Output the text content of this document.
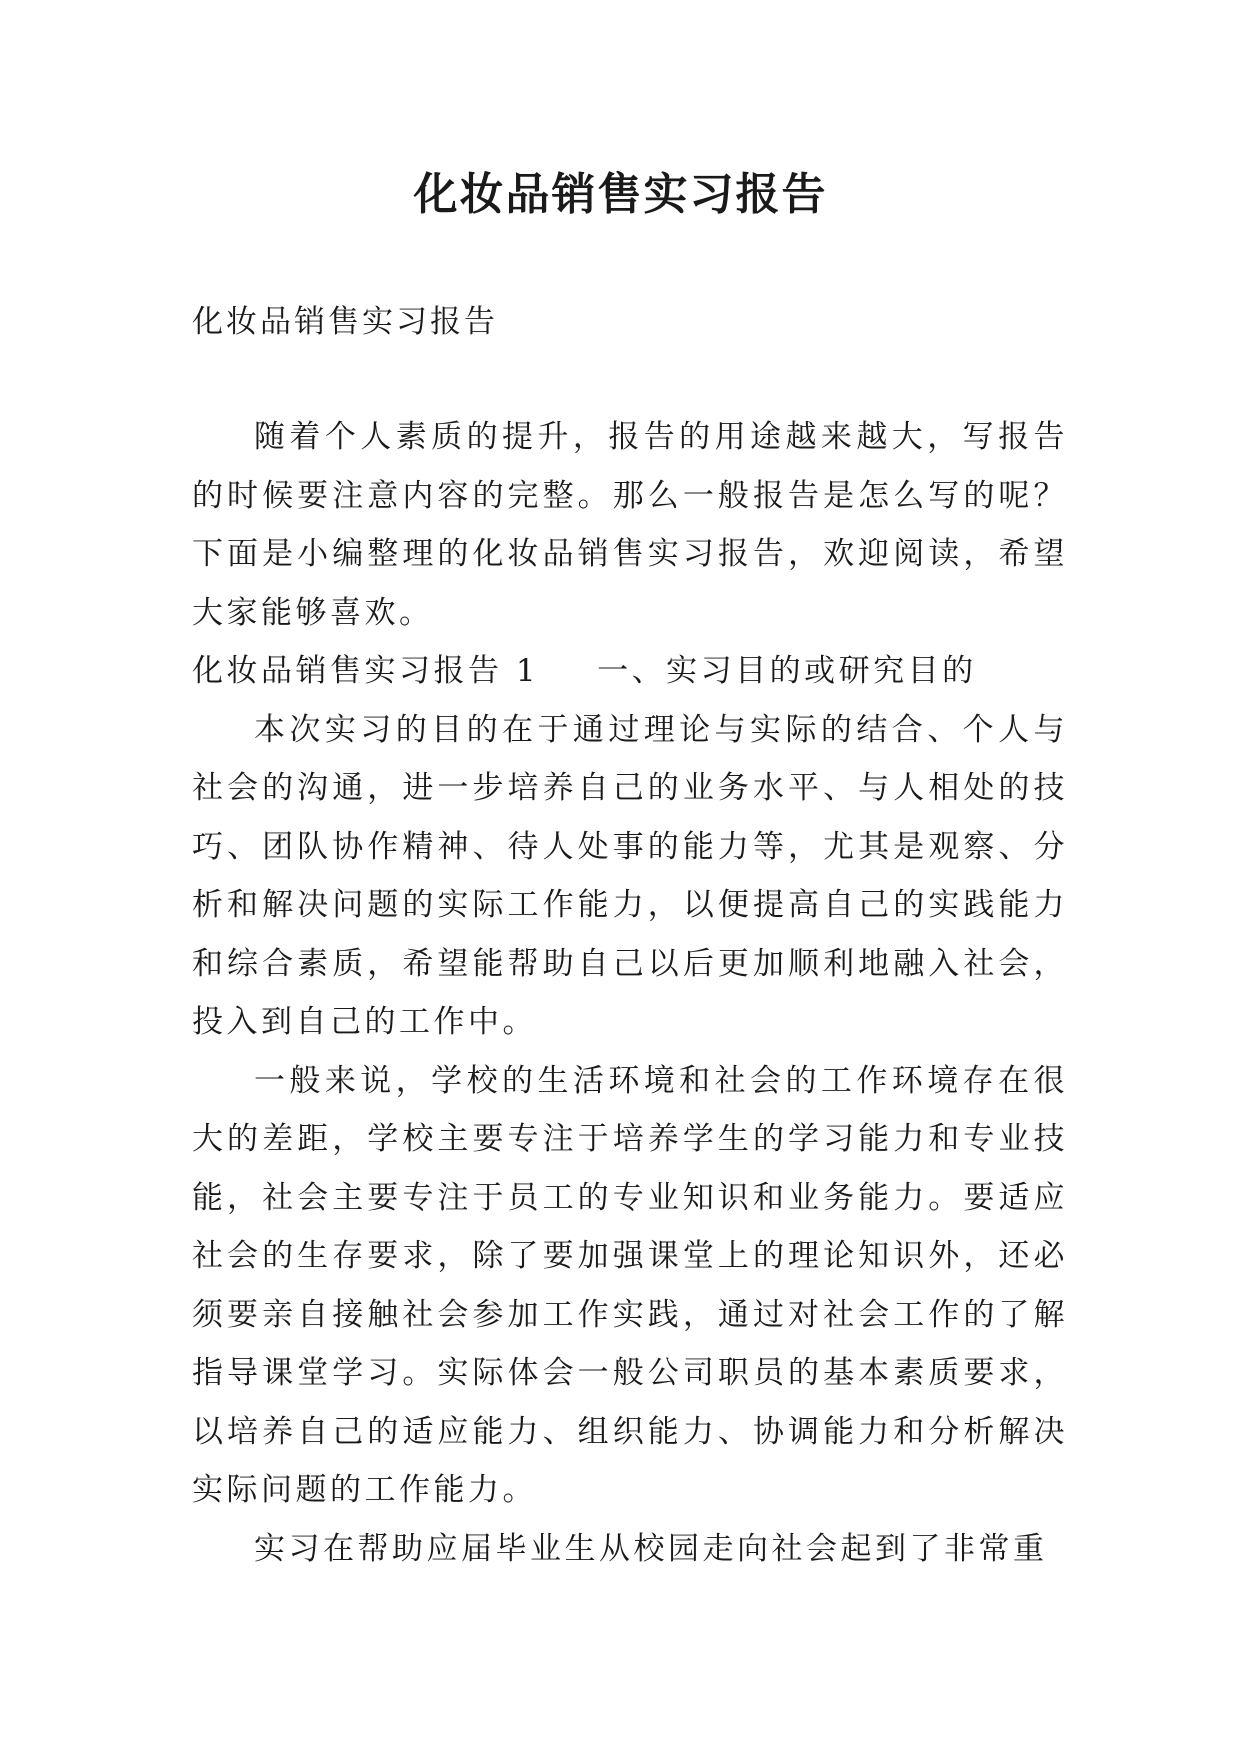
化妆品销售实习报告

化妆品销售实习报告

随着个人素质的提升，报告的用途越来越大，写报告的时候要注意内容的完整。那么一般报告是怎么写的呢？下面是小编整理的化妆品销售实习报告，欢迎阅读，希望大家能够喜欢。

化妆品销售实习报告 1 一、实习目的或研究目的

本次实习的目的在于通过理论与实际的结合、个人与社会的沟通，进一步培养自己的业务水平、与人相处的技巧、团队协作精神、待人处事的能力等，尤其是观察、分析和解决问题的实际工作能力，以便提高自己的实践能力和综合素质，希望能帮助自己以后更加顺利地融入社会，投入到自己的工作中。

一般来说，学校的生活环境和社会的工作环境存在很大的差距，学校主要专注于培养学生的学习能力和专业技能，社会主要专注于员工的专业知识和业务能力。要适应社会的生存要求，除了要加强课堂上的理论知识外，还必须要亲自接触社会参加工作实践，通过对社会工作的了解指导课堂学习。实际体会一般公司职员的基本素质要求，以培养自己的适应能力、组织能力、协调能力和分析解决实际问题的工作能力。

实习在帮助应届毕业生从校园走向社会起到了非常重
